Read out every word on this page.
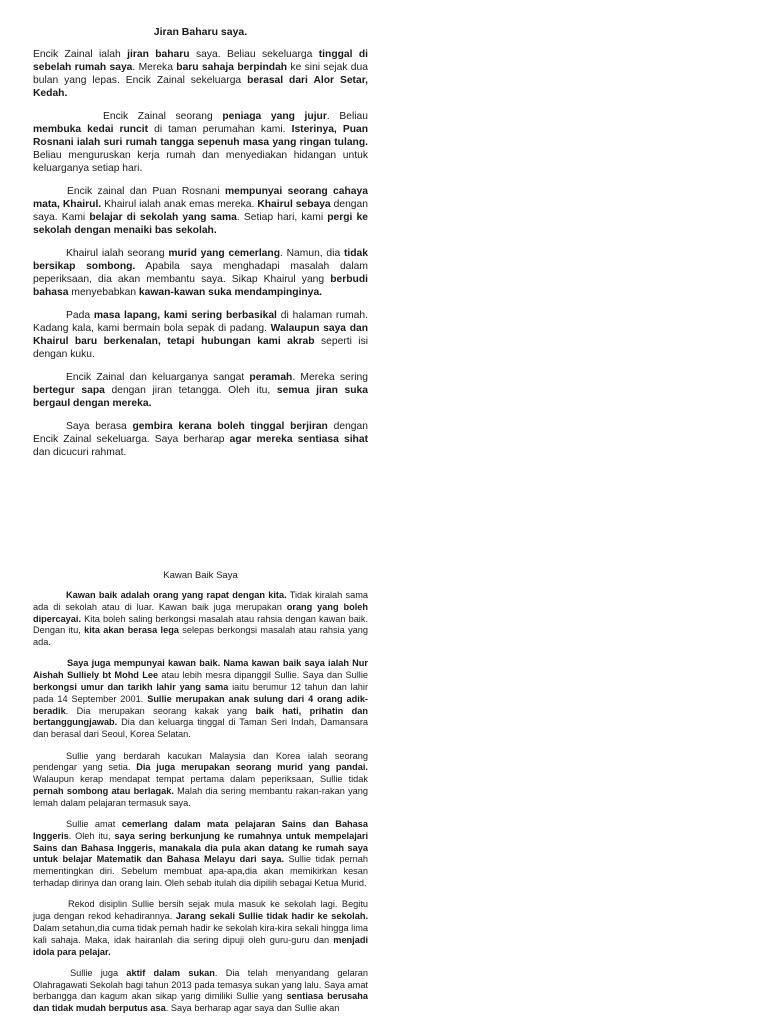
Jiran Baharu saya.

Encik Zainal ialah jiran baharu saya. Beliau sekeluarga tinggal di sebelah rumah saya. Mereka baru sahaja berpindah ke sini sejak dua bulan yang lepas. Encik Zainal sekeluarga berasal dari Alor Setar, Kedah.

Encik Zainal seorang peniaga yang jujur. Beliau membuka kedai runcit di taman perumahan kami. Isterinya, Puan Rosnani ialah suri rumah tangga sepenuh masa yang ringan tulang. Beliau menguruskan kerja rumah dan menyediakan hidangan untuk keluarganya setiap hari.

Encik zainal dan Puan Rosnani mempunyai seorang cahaya mata, Khairul. Khairul ialah anak emas mereka. Khairul sebaya dengan saya. Kami belajar di sekolah yang sama. Setiap hari, kami pergi ke sekolah dengan menaiki bas sekolah.

Khairul ialah seorang murid yang cemerlang. Namun, dia tidak bersikap sombong. Apabila saya menghadapi masalah dalam peperiksaan, dia akan membantu saya. Sikap Khairul yang berbudi bahasa menyebabkan kawan-kawan suka mendampinginya.

Pada masa lapang, kami sering berbasikal di halaman rumah. Kadang kala, kami bermain bola sepak di padang. Walaupun saya dan Khairul baru berkenalan, tetapi hubungan kami akrab seperti isi dengan kuku.

Encik Zainal dan keluarganya sangat peramah. Mereka sering bertegur sapa dengan jiran tetangga. Oleh itu, semua jiran suka bergaul dengan mereka.

Saya berasa gembira kerana boleh tinggal berjiran dengan Encik Zainal sekeluarga. Saya berharap agar mereka sentiasa sihat dan dicucuri rahmat.

Kawan Baik Saya

Kawan baik adalah orang yang rapat dengan kita. Tidak kiralah sama ada di sekolah atau di luar. Kawan baik juga merupakan orang yang boleh dipercayai. Kita boleh saling berkongsi masalah atau rahsia dengan kawan baik. Dengan itu, kita akan berasa lega selepas berkongsi masalah atau rahsia yang ada.

Saya juga mempunyai kawan baik. Nama kawan baik saya ialah Nur Aishah Sulliely bt Mohd Lee atau lebih mesra dipanggil Sullie. Saya dan Sullie berkongsi umur dan tarikh lahir yang sama iaitu berumur 12 tahun dan lahir pada 14 September 2001. Sullie merupakan anak sulung dari 4 orang adik-beradik. Dia merupakan seorang kakak yang baik hati, prihatin dan bertanggungjawab. Dia dan keluarga tinggal di Taman Seri Indah, Damansara dan berasal dari Seoul, Korea Selatan.

Sullie yang berdarah kacukan Malaysia dan Korea ialah seorang pendengar yang setia. Dia juga merupakan seorang murid yang pandai. Walaupun kerap mendapat tempat pertama dalam peperiksaan, Sullie tidak pernah sombong atau berlagak. Malah dia sering membantu rakan-rakan yang lemah dalam pelajaran termasuk saya.

Sullie amat cemerlang dalam mata pelajaran Sains dan Bahasa Inggeris. Oleh itu, saya sering berkunjung ke rumahnya untuk mempelajari Sains dan Bahasa Inggeris, manakala dia pula akan datang ke rumah saya untuk belajar Matematik dan Bahasa Melayu dari saya. Sullie tidak pernah mementingkan diri. Sebelum membuat apa-apa,dia akan memikirkan kesan terhadap dirinya dan orang lain. Oleh sebab itulah dia dipilih sebagai Ketua Murid.

Rekod disiplin Sullie bersih sejak mula masuk ke sekolah lagi. Begitu juga dengan rekod kehadirannya. Jarang sekali Sullie tidak hadir ke sekolah. Dalam setahun,dia cuma tidak pernah hadir ke sekolah kira-kira sekali hingga lima kali sahaja. Maka, idak hairanlah dia sering dipuji oleh guru-guru dan menjadi idola para pelajar.

Sullie juga aktif dalam sukan. Dia telah menyandang gelaran Olahragawati Sekolah bagi tahun 2013 pada temasya sukan yang lalu. Saya amat berbangga dan kagum akan sikap yang dimiliki Sullie yang sentiasa berusaha dan tidak mudah berputus asa. Saya berharap agar saya dan Sullie akan
